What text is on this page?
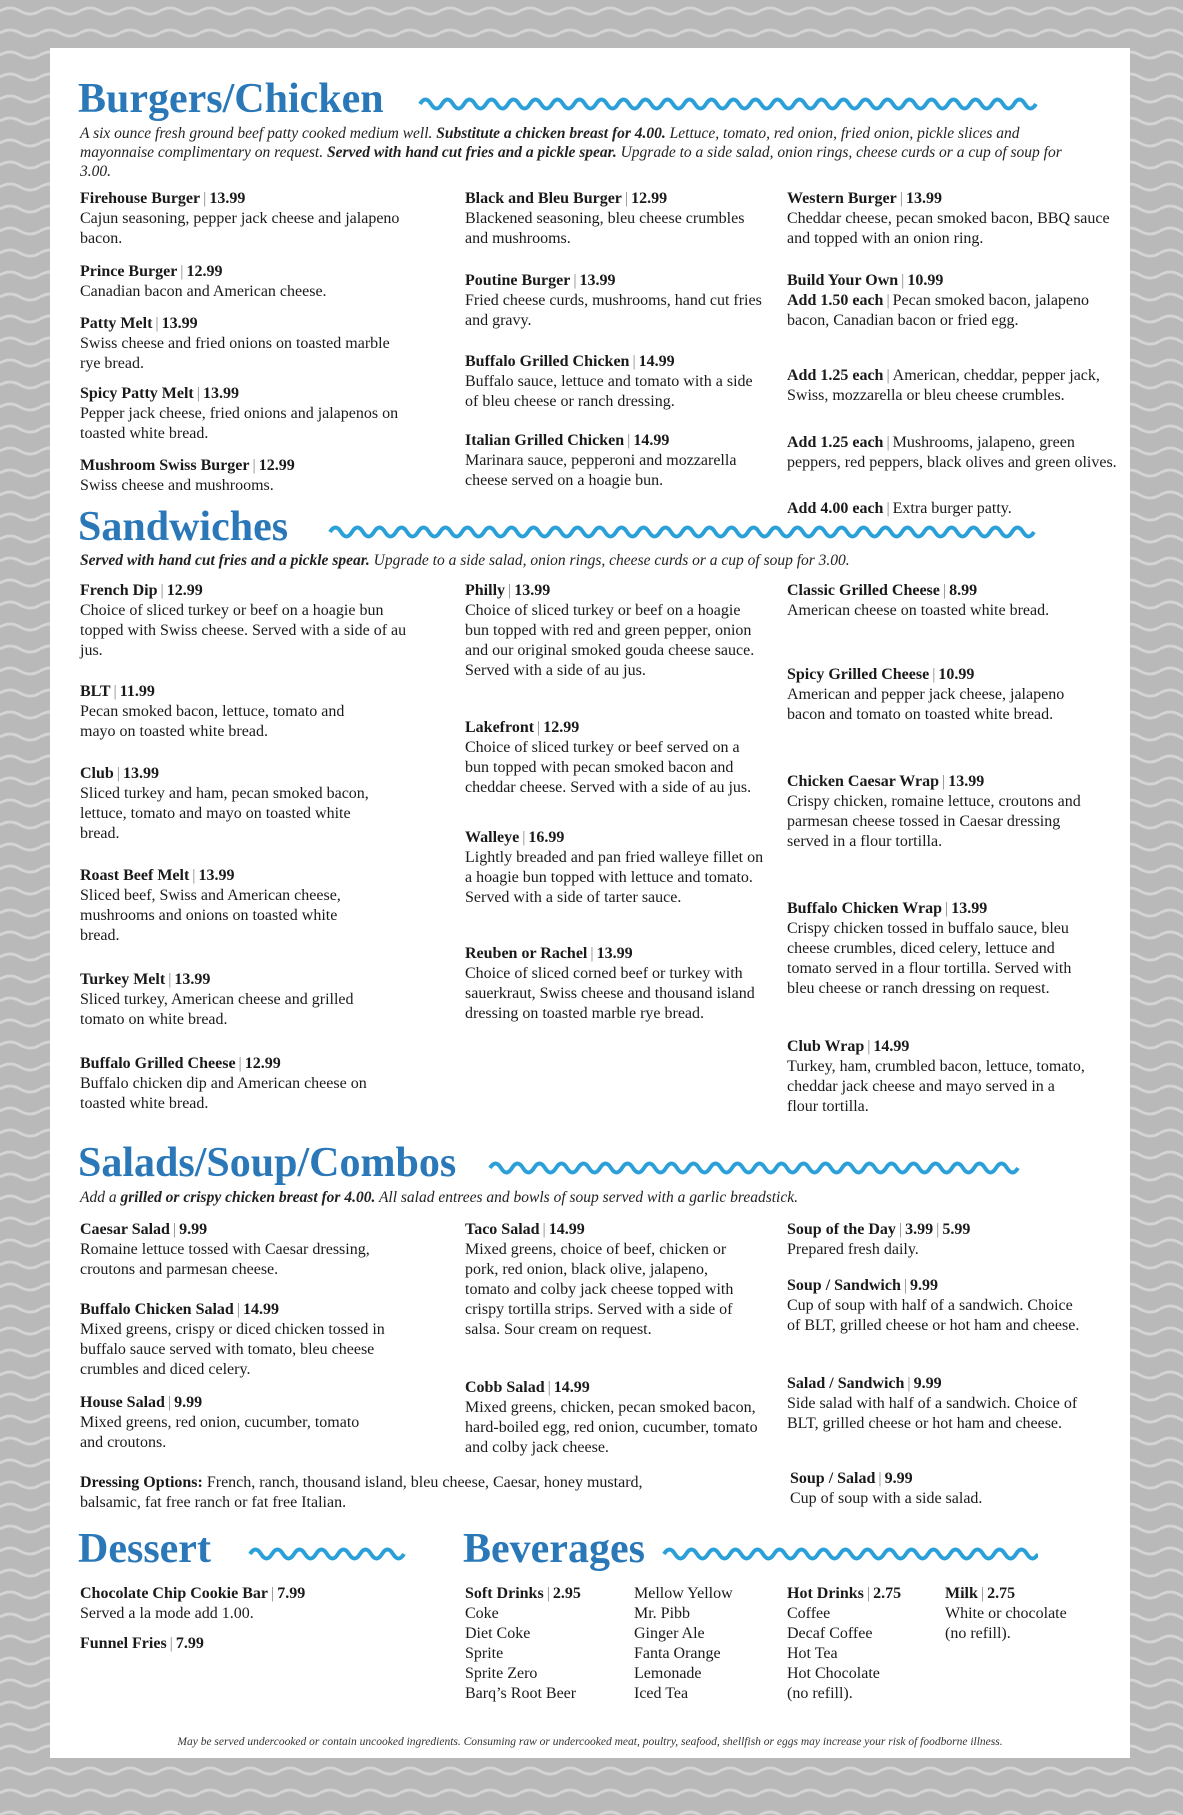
Burgers/Chicken
A six ounce fresh ground beef patty cooked medium well. Substitute a chicken breast for 4.00. Lettuce, tomato, red onion, fried onion, pickle slices and mayonnaise complimentary on request. Served with hand cut fries and a pickle spear. Upgrade to a side salad, onion rings, cheese curds or a cup of soup for 3.00.
Firehouse Burger | 13.99
Cajun seasoning, pepper jack cheese and jalapeno bacon.
Prince Burger | 12.99
Canadian bacon and American cheese.
Patty Melt | 13.99
Swiss cheese and fried onions on toasted marble rye bread.
Spicy Patty Melt | 13.99
Pepper jack cheese, fried onions and jalapenos on toasted white bread.
Mushroom Swiss Burger | 12.99
Swiss cheese and mushrooms.
Black and Bleu Burger | 12.99
Blackened seasoning, bleu cheese crumbles and mushrooms.
Poutine Burger | 13.99
Fried cheese curds, mushrooms, hand cut fries and gravy.
Buffalo Grilled Chicken | 14.99
Buffalo sauce, lettuce and tomato with a side of bleu cheese or ranch dressing.
Italian Grilled Chicken | 14.99
Marinara sauce, pepperoni and mozzarella cheese served on a hoagie bun.
Western Burger | 13.99
Cheddar cheese, pecan smoked bacon, BBQ sauce and topped with an onion ring.
Build Your Own | 10.99
Add 1.50 each | Pecan smoked bacon, jalapeno bacon, Canadian bacon or fried egg.
Add 1.25 each | American, cheddar, pepper jack, Swiss, mozzarella or bleu cheese crumbles.
Add 1.25 each | Mushrooms, jalapeno, green peppers, red peppers, black olives and green olives.
Add 4.00 each | Extra burger patty.
Sandwiches
Served with hand cut fries and a pickle spear. Upgrade to a side salad, onion rings, cheese curds or a cup of soup for 3.00.
French Dip | 12.99
Choice of sliced turkey or beef on a hoagie bun topped with Swiss cheese. Served with a side of au jus.
BLT | 11.99
Pecan smoked bacon, lettuce, tomato and mayo on toasted white bread.
Club | 13.99
Sliced turkey and ham, pecan smoked bacon, lettuce, tomato and mayo on toasted white bread.
Roast Beef Melt | 13.99
Sliced beef, Swiss and American cheese, mushrooms and onions on toasted white bread.
Turkey Melt | 13.99
Sliced turkey, American cheese and grilled tomato on white bread.
Buffalo Grilled Cheese | 12.99
Buffalo chicken dip and American cheese on toasted white bread.
Philly | 13.99
Choice of sliced turkey or beef on a hoagie bun topped with red and green pepper, onion and our original smoked gouda cheese sauce. Served with a side of au jus.
Lakefront | 12.99
Choice of sliced turkey or beef served on a bun topped with pecan smoked bacon and cheddar cheese. Served with a side of au jus.
Walleye | 16.99
Lightly breaded and pan fried walleye fillet on a hoagie bun topped with lettuce and tomato. Served with a side of tarter sauce.
Reuben or Rachel | 13.99
Choice of sliced corned beef or turkey with sauerkraut, Swiss cheese and thousand island dressing on toasted marble rye bread.
Classic Grilled Cheese | 8.99
American cheese on toasted white bread.
Spicy Grilled Cheese | 10.99
American and pepper jack cheese, jalapeno bacon and tomato on toasted white bread.
Chicken Caesar Wrap | 13.99
Crispy chicken, romaine lettuce, croutons and parmesan cheese tossed in Caesar dressing served in a flour tortilla.
Buffalo Chicken Wrap | 13.99
Crispy chicken tossed in buffalo sauce, bleu cheese crumbles, diced celery, lettuce and tomato served in a flour tortilla. Served with bleu cheese or ranch dressing on request.
Club Wrap | 14.99
Turkey, ham, crumbled bacon, lettuce, tomato, cheddar jack cheese and mayo served in a flour tortilla.
Salads/Soup/Combos
Add a grilled or crispy chicken breast for 4.00. All salad entrees and bowls of soup served with a garlic breadstick.
Caesar Salad | 9.99
Romaine lettuce tossed with Caesar dressing, croutons and parmesan cheese.
Buffalo Chicken Salad | 14.99
Mixed greens, crispy or diced chicken tossed in buffalo sauce served with tomato, bleu cheese crumbles and diced celery.
House Salad | 9.99
Mixed greens, red onion, cucumber, tomato and croutons.
Taco Salad | 14.99
Mixed greens, choice of beef, chicken or pork, red onion, black olive, jalapeno, tomato and colby jack cheese topped with crispy tortilla strips. Served with a side of salsa. Sour cream on request.
Cobb Salad | 14.99
Mixed greens, chicken, pecan smoked bacon, hard-boiled egg, red onion, cucumber, tomato and colby jack cheese.
Soup of the Day | 3.99 | 5.99
Prepared fresh daily.
Soup / Sandwich | 9.99
Cup of soup with half of a sandwich. Choice of BLT, grilled cheese or hot ham and cheese.
Salad / Sandwich | 9.99
Side salad with half of a sandwich. Choice of BLT, grilled cheese or hot ham and cheese.
Soup / Salad | 9.99
Cup of soup with a side salad.
Dressing Options: French, ranch, thousand island, bleu cheese, Caesar, honey mustard, balsamic, fat free ranch or fat free Italian.
Dessert
Chocolate Chip Cookie Bar | 7.99
Served a la mode add 1.00.
Funnel Fries | 7.99
Beverages
Soft Drinks | 2.95
Coke
Diet Coke
Sprite
Sprite Zero
Barq’s Root Beer
Mellow Yellow
Mr. Pibb
Ginger Ale
Fanta Orange
Lemonade
Iced Tea
Hot Drinks | 2.75
Coffee
Decaf Coffee
Hot Tea
Hot Chocolate
(no refill).
Milk | 2.75
White or chocolate
(no refill).
May be served undercooked or contain uncooked ingredients. Consuming raw or undercooked meat, poultry, seafood, shellfish or eggs may increase your risk of foodborne illness.
